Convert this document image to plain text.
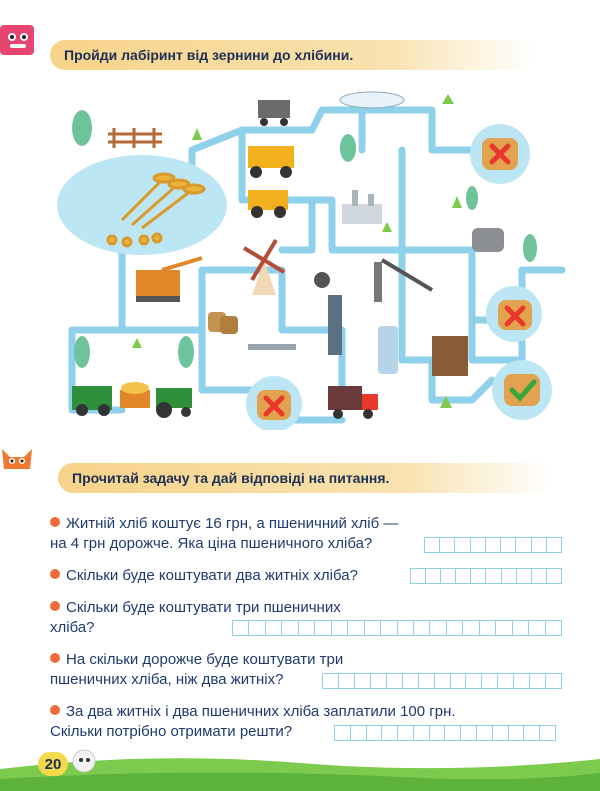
Пройди лабіринт від зернини до хлібини.
Прочитай задачу та дай відповіді на питання.
Житній хліб коштує 16 грн, а пшеничний хліб —
на 4 грн дорожче. Яка ціна пшеничного хліба?
Скільки буде коштувати два житніх хліба?
Скільки буде коштувати три пшеничних
хліба?
На скільки дорожче буде коштувати три
пшеничних хліба, ніж два житніх?
За два житніх і два пшеничних хліба заплатили 100 грн.
Скільки потрібно отримати решти?
20
